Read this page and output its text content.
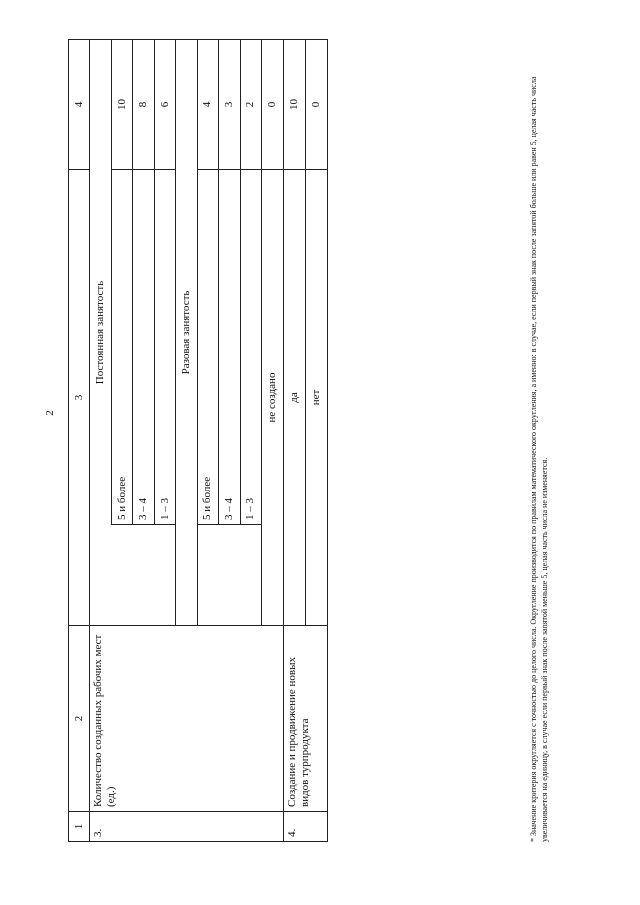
2
1	2	3		4
3.	Количество созданных рабочих мест (ед.)	Постоянная занятость		
			5 и более	10
			3 – 4	8
			1 – 3	6
		Разовая занятость		
			5 и более	4
			3 – 4	3
			1 – 3	2
		не создано		0
4.	Создание и продвижение новых видов турпродукта	да		10
		нет		0	* Значение критерия округляется с точностью до целого числа. Округление производится по правилам математического округления, а именно: в случае, если первый знак после запятой больше или равен 5, целая часть числа увеличивается на единицу, в случае если первый знак после запятой меньше 5, целая часть числа не изменяется.
